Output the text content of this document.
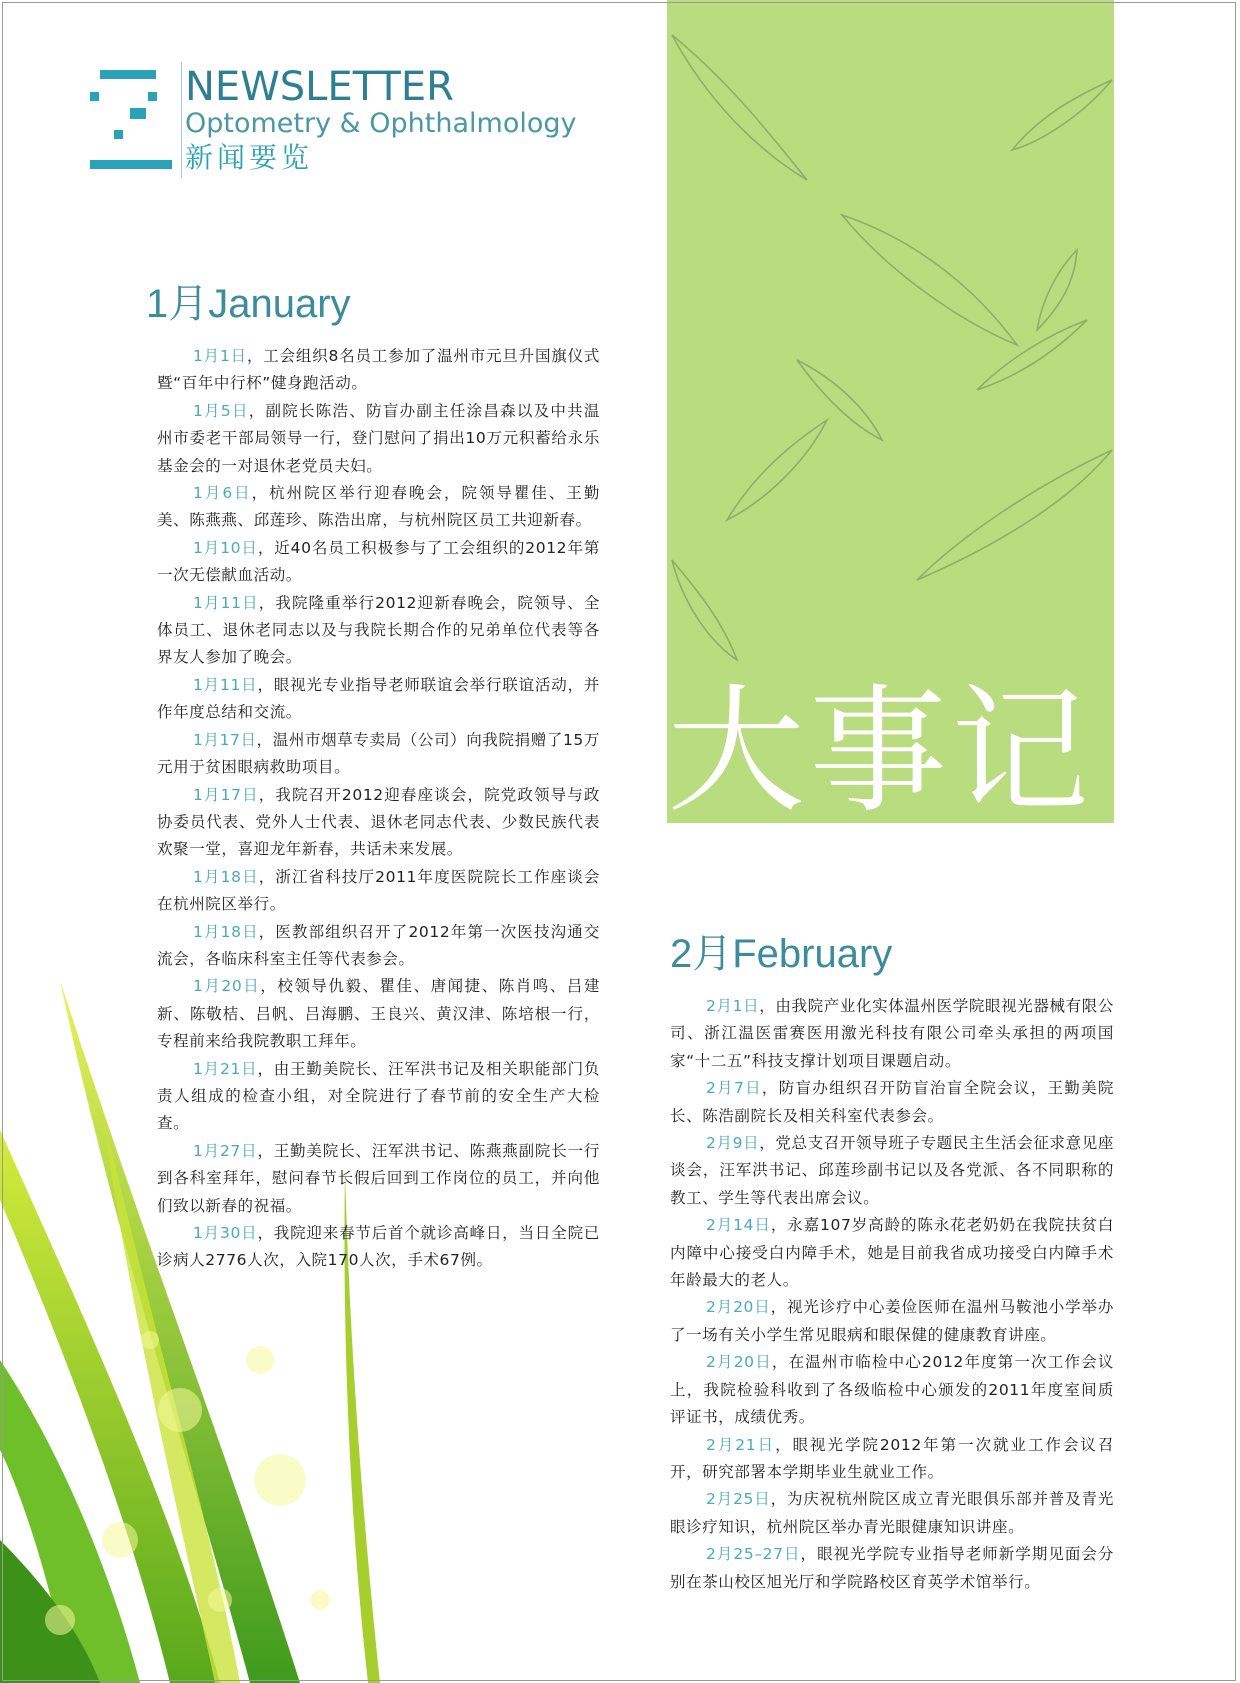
NEWSLETTER
Optometry & Ophthalmology
新闻要览
大事记
1月January

1月1日，工会组织8名员工参加了温州市元旦升国旗仪式暨“百年中行杯”健身跑活动。

1月5日，副院长陈浩、防盲办副主任涂昌森以及中共温州市委老干部局领导一行，登门慰问了捐出10万元积蓄给永乐基金会的一对退休老党员夫妇。

1月6日，杭州院区举行迎春晚会，院领导瞿佳、王勤美、陈燕燕、邱莲珍、陈浩出席，与杭州院区员工共迎新春。

1月10日，近40名员工积极参与了工会组织的2012年第一次无偿献血活动。

1月11日，我院隆重举行2012迎新春晚会，院领导、全体员工、退休老同志以及与我院长期合作的兄弟单位代表等各界友人参加了晚会。

1月11日，眼视光专业指导老师联谊会举行联谊活动，并作年度总结和交流。

1月17日，温州市烟草专卖局（公司）向我院捐赠了15万元用于贫困眼病救助项目。

1月17日，我院召开2012迎春座谈会，院党政领导与政协委员代表、党外人士代表、退休老同志代表、少数民族代表欢聚一堂，喜迎龙年新春，共话未来发展。

1月18日，浙江省科技厅2011年度医院院长工作座谈会在杭州院区举行。

1月18日，医教部组织召开了2012年第一次医技沟通交流会，各临床科室主任等代表参会。

1月20日，校领导仇毅、瞿佳、唐闻捷、陈肖鸣、吕建新、陈敬桔、吕帆、吕海鹏、王良兴、黄汉津、陈培根一行，专程前来给我院教职工拜年。

1月21日，由王勤美院长、汪军洪书记及相关职能部门负责人组成的检查小组，对全院进行了春节前的安全生产大检查。

1月27日，王勤美院长、汪军洪书记、陈燕燕副院长一行到各科室拜年，慰问春节长假后回到工作岗位的员工，并向他们致以新春的祝福。

1月30日，我院迎来春节后首个就诊高峰日，当日全院已诊病人2776人次，入院170人次，手术67例。

2月February

2月1日，由我院产业化实体温州医学院眼视光器械有限公司、浙江温医雷赛医用激光科技有限公司牵头承担的两项国家“十二五”科技支撑计划项目课题启动。

2月7日，防盲办组织召开防盲治盲全院会议，王勤美院长、陈浩副院长及相关科室代表参会。

2月9日，党总支召开领导班子专题民主生活会征求意见座谈会，汪军洪书记、邱莲珍副书记以及各党派、各不同职称的教工、学生等代表出席会议。

2月14日，永嘉107岁高龄的陈永花老奶奶在我院扶贫白内障中心接受白内障手术，她是目前我省成功接受白内障手术年龄最大的老人。

2月20日，视光诊疗中心姜俭医师在温州马鞍池小学举办了一场有关小学生常见眼病和眼保健的健康教育讲座。

2月20日，在温州市临检中心2012年度第一次工作会议上，我院检验科收到了各级临检中心颁发的2011年度室间质评证书，成绩优秀。

2月21日，眼视光学院2012年第一次就业工作会议召开，研究部署本学期毕业生就业工作。

2月25日，为庆祝杭州院区成立青光眼俱乐部并普及青光眼诊疗知识，杭州院区举办青光眼健康知识讲座。

2月25–27日，眼视光学院专业指导老师新学期见面会分别在茶山校区旭光厅和学院路校区育英学术馆举行。
